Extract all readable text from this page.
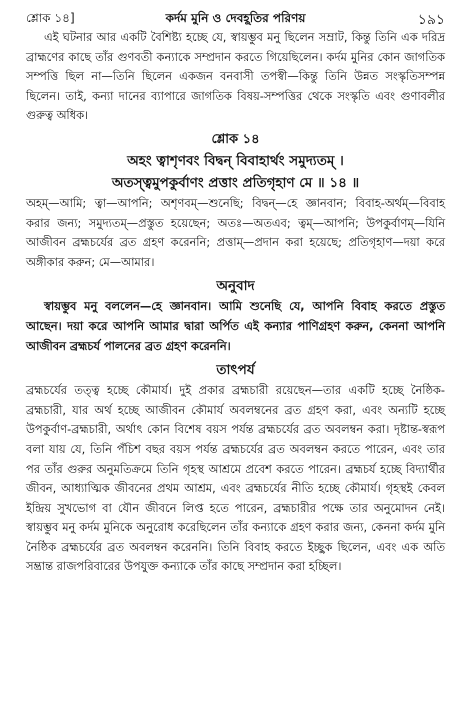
শ্লোক ১৪]	কর্দম মুনি ও দেবহূতির পরিণয়	১৯১

এই ঘটনার আর একটি বৈশিষ্ট্য হচ্ছে যে, স্বায়ম্ভুব মনু ছিলেন সম্রাট, কিন্তু তিনি এক দরিদ্র ব্রাহ্মণের কাছে তাঁর গুণবতী কন্যাকে সম্প্রদান করতে গিয়েছিলেন। কর্দম মুনির কোন জাগতিক সম্পত্তি ছিল না—তিনি ছিলেন একজন বনবাসী তপস্বী—কিন্তু তিনি উন্নত সংস্কৃতিসম্পন্ন ছিলেন। তাই, কন্যা দানের ব্যাপারে জাগতিক বিষয়-সম্পত্তির থেকে সংস্কৃতি এবং গুণাবলীর গুরুত্ব অধিক।

শ্লোক ১৪
অহং ত্বাশৃণবং বিদ্বন্ বিবাহার্থং সমুদ্যতম্ ।
অতস্ত্বমুপকুর্বাণং প্রত্তাং প্রতিগৃহাণ মে ॥ ১৪ ॥

অহম্—আমি; ত্বা—আপনি; অশৃণবম্—শুনেছি; বিদ্বন্—হে জ্ঞানবান; বিবাহ-অর্থম্—বিবাহ করার জন্য; সমুদ্যতম্—প্রস্তুত হয়েছেন; অতঃ—অতএব; ত্বম্—আপনি; উপকুর্বাণম্—যিনি আজীবন ব্রহ্মচর্যের ব্রত গ্রহণ করেননি; প্রত্তাম্—প্রদান করা হয়েছে; প্রতিগৃহাণ—দয়া করে অঙ্গীকার করুন; মে—আমার।

অনুবাদ

স্বায়ম্ভুব মনু বললেন—হে জ্ঞানবান। আমি শুনেছি যে, আপনি বিবাহ করতে প্রস্তুত আছেন। দয়া করে আপনি আমার দ্বারা অর্পিত এই কন্যার পাণিগ্রহণ করুন, কেননা আপনি আজীবন ব্রহ্মচর্য পালনের ব্রত গ্রহণ করেননি।

তাৎপর্য

ব্রহ্মচর্যের তত্ত্ব হচ্ছে কৌমার্য। দুই প্রকার ব্রহ্মচারী রয়েছেন—তার একটি হচ্ছে নৈষ্ঠিক-ব্রহ্মচারী, যার অর্থ হচ্ছে আজীবন কৌমার্য অবলম্বনের ব্রত গ্রহণ করা, এবং অন্যটি হচ্ছে উপকুর্বাণ-ব্রহ্মচারী, অর্থাৎ কোন বিশেষ বয়স পর্যন্ত ব্রহ্মচর্যের ব্রত অবলম্বন করা। দৃষ্টান্ত-স্বরূপ বলা যায় যে, তিনি পঁচিশ বছর বয়স পর্যন্ত ব্রহ্মচর্যের ব্রত অবলম্বন করতে পারেন, এবং তার পর তাঁর গুরুর অনুমতিক্রমে তিনি গৃহস্থ আশ্রমে প্রবেশ করতে পারেন। ব্রহ্মচর্য হচ্ছে বিদ্যার্থীর জীবন, আধ্যাত্মিক জীবনের প্রথম আশ্রম, এবং ব্রহ্মচর্যের নীতি হচ্ছে কৌমার্য। গৃহস্থই কেবল ইন্দ্রিয় সুখভোগ বা যৌন জীবনে লিপ্ত হতে পারেন, ব্রহ্মচারীর পক্ষে তার অনুমোদন নেই। স্বায়ম্ভুব মনু কর্দম মুনিকে অনুরোধ করেছিলেন তাঁর কন্যাকে গ্রহণ করার জন্য, কেননা কর্দম মুনি নৈষ্ঠিক ব্রহ্মচর্যের ব্রত অবলম্বন করেননি। তিনি বিবাহ করতে ইচ্ছুক ছিলেন, এবং এক অতি সম্ভ্রান্ত রাজপরিবারের উপযুক্ত কন্যাকে তাঁর কাছে সম্প্রদান করা হচ্ছিল।
